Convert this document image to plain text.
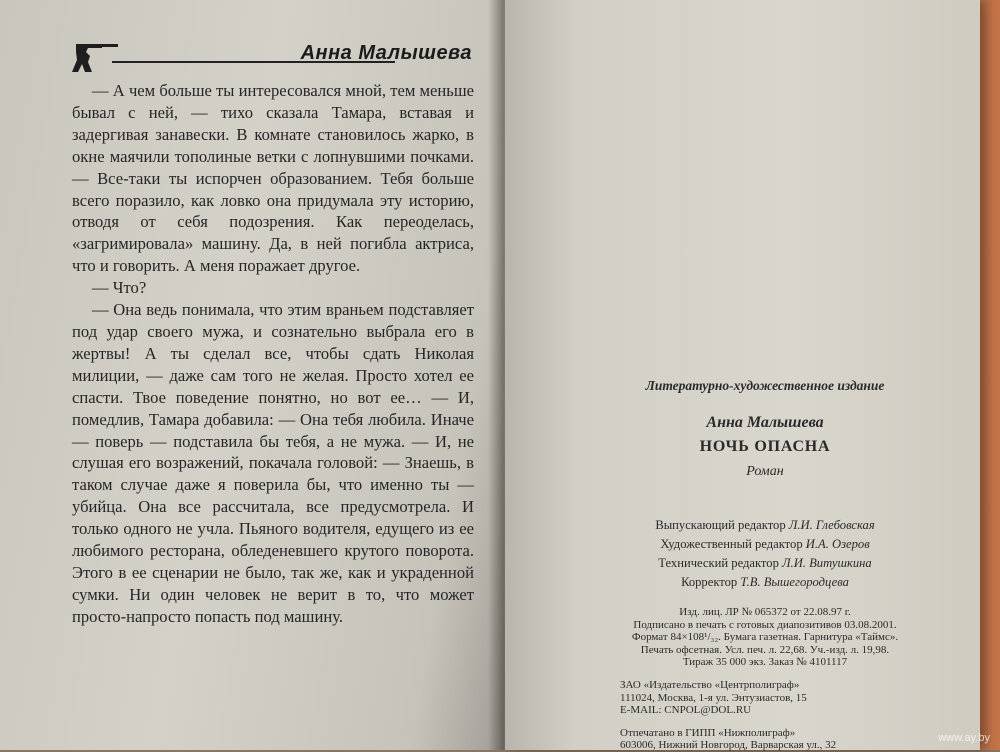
Анна Малышева

— А чем больше ты интересовался мной, тем меньше бывал с ней, — тихо сказала Тамара, вставая и задергивая занавески. В комнате становилось жарко, в окне маячили тополиные ветки с лопнувшими почками. — Все-таки ты испорчен образованием. Тебя больше всего поразило, как ловко она придумала эту историю, отводя от себя подозрения. Как переоделась, «загримировала» машину. Да, в ней погибла актриса, что и говорить. А меня поражает другое.

— Что?

— Она ведь понимала, что этим враньем подставляет под удар своего мужа, и сознательно выбрала его в жертвы! А ты сделал все, чтобы сдать Николая милиции, — даже сам того не желая. Просто хотел ее спасти. Твое поведение понятно, но вот ее… — И, помедлив, Тамара добавила: — Она тебя любила. Иначе — поверь — подставила бы тебя, а не мужа. — И, не слушая его возражений, покачала головой: — Знаешь, в таком случае даже я поверила бы, что именно ты — убийца. Она все рассчитала, все предусмотрела. И только одного не учла. Пьяного водителя, едущего из ее любимого ресторана, обледеневшего крутого поворота. Этого в ее сценарии не было, так же, как и украденной сумки. Ни один человек не верит в то, что может просто-напросто попасть под машину.

Литературно-художественное издание
Анна Малышева
НОЧЬ ОПАСНА
Роман
Выпускающий редактор Л.И. Глебовская
Художественный редактор И.А. Озеров
Технический редактор Л.И. Витушкина
Корректор Т.В. Вышегородцева
Изд. лиц. ЛР № 065372 от 22.08.97 г.
Подписано в печать с готовых диапозитивов 03.08.2001.
Формат 84×108¹/₃₂. Бумага газетная. Гарнитура «Таймс».
Печать офсетная. Усл. печ. л. 22,68. Уч.-изд. л. 19,98.
Тираж 35 000 экз. Заказ № 4101117
ЗАО «Издательство «Центрполиграф»
111024, Москва, 1-я ул. Энтузиастов, 15
E-MAIL: CNPOL@DOL.RU
Отпечатано в ГИПП «Нижполиграф»
603006, Нижний Новгород, Варварская ул., 32
www.ay.by
